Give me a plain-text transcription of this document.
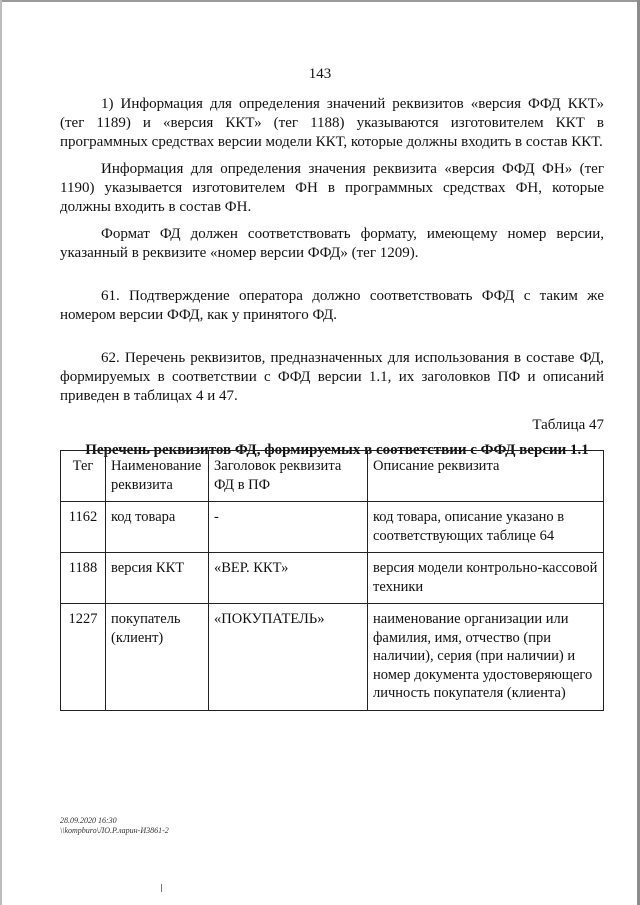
143

1) Информация для определения значений реквизитов «версия ФФД ККТ» (тег 1189) и «версия ККТ» (тег 1188) указываются изготовителем ККТ в программных средствах версии модели ККТ, которые должны входить в состав ККТ.

Информация для определения значения реквизита «версия ФФД ФН» (тег 1190) указывается изготовителем ФН в программных средствах ФН, которые должны входить в состав ФН.

Формат ФД должен соответствовать формату, имеющему номер версии, указанный в реквизите «номер версии ФФД» (тег 1209).

61. Подтверждение оператора должно соответствовать ФФД с таким же номером версии ФФД, как у принятого ФД.

62. Перечень реквизитов, предназначенных для использования в составе ФД, формируемых в соответствии с ФФД версии 1.1, их заголовков ПФ и описаний приведен в таблицах 4 и 47.

Таблица 47
Перечень реквизитов ФД, формируемых в соответствии с ФФД версии 1.1
Тег	Наименование реквизита	Заголовок реквизита ФД в ПФ	Описание реквизита
1162	код товара	-	код товара, описание указано в соответствующих таблице 64
1188	версия ККТ	«ВЕР. ККТ»	версия модели контрольно-кассовой техники
1227	покупатель (клиент)	«ПОКУПАТЕЛЬ»	наименование организации или фамилия, имя, отчество (при наличии), серия (при наличии) и номер документа удостоверяющего личность покупателя (клиента)
28.09.2020 16:30
\\kompburo\ЛО.Р.ларин-И3861-2
